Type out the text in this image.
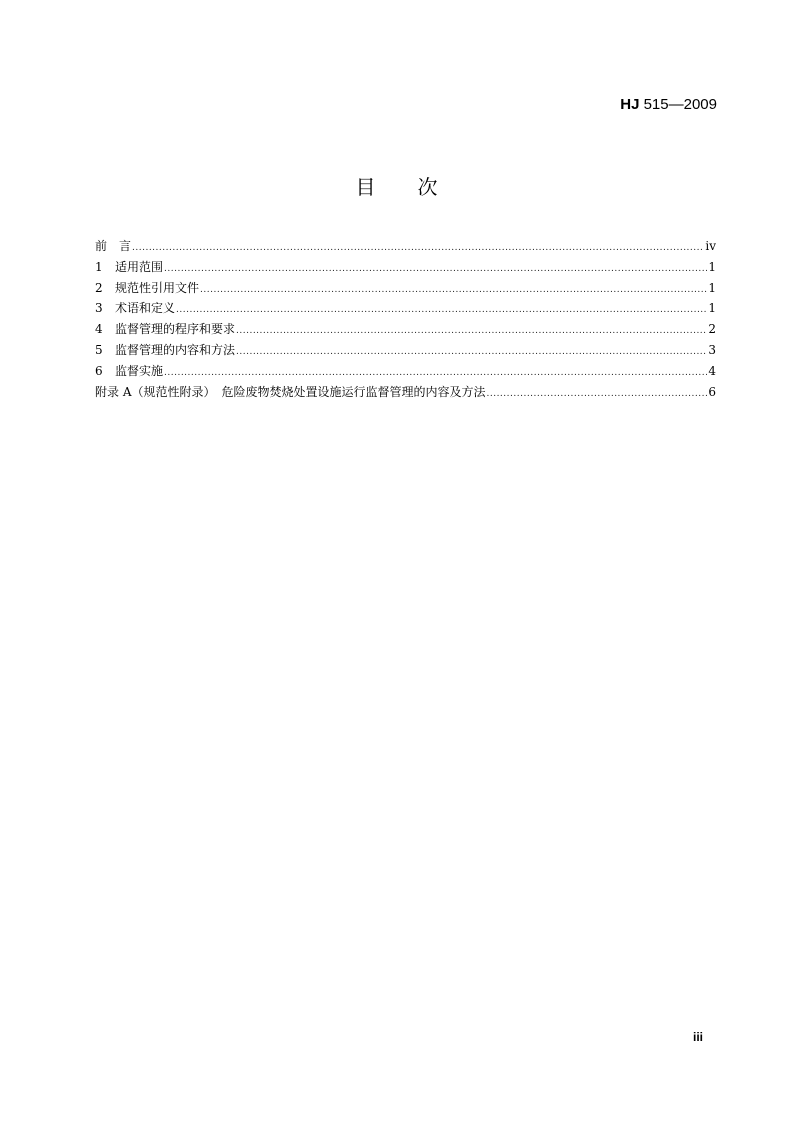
HJ 515—2009
目 次
前　言 .....	iv
1 适用范围 .....	1
2 规范性引用文件 .....	1
3 术语和定义 .....	1
4 监督管理的程序和要求 .....	2
5 监督管理的内容和方法 .....	3
6 监督实施 .....	4
附录 A（规范性附录）　危险废物焚烧处置设施运行监督管理的内容及方法 .....	6
iii
